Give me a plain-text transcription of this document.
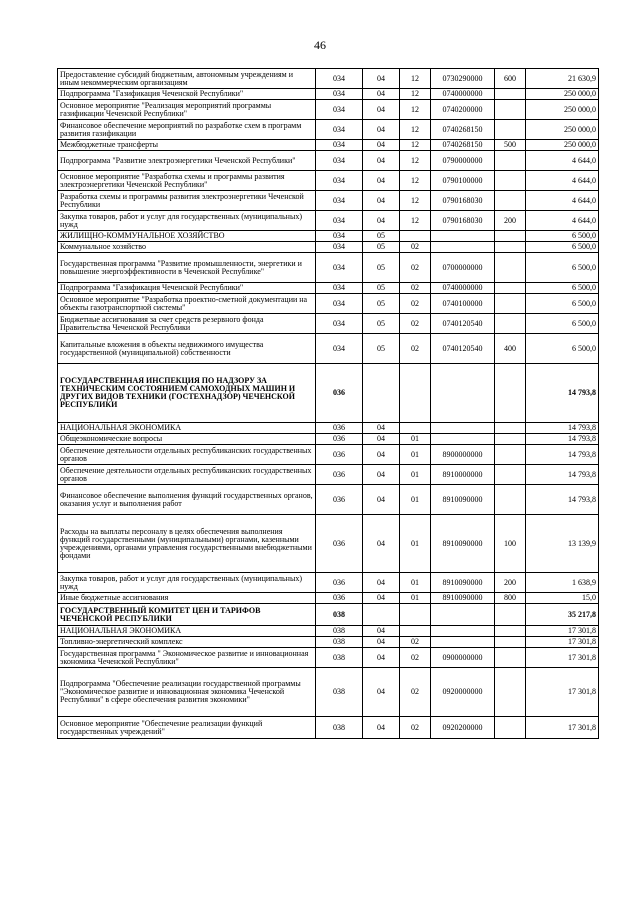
46
Предоставление субсидий бюджетным, автономным учреждениям и иным некоммерческим организациям	034	04	12	0730290000	600	21 630,9
Подпрограмма "Газификация Чеченской Республики"	034	04	12	0740000000		250 000,0
Основное мероприятие "Реализация мероприятий программы газификации Чеченской Республики"	034	04	12	0740200000		250 000,0
Финансовое обеспечение мероприятий по разработке схем в программ развития газификации	034	04	12	0740268150		250 000,0
Межбюджетные трансферты	034	04	12	0740268150	500	250 000,0
Подпрограмма "Развитие электроэнергетики Чеченской Республики"	034	04	12	0790000000		4 644,0
Основное мероприятие "Разработка схемы и программы развития электроэнергетики Чеченской Республики"	034	04	12	0790100000		4 644,0
Разработка схемы и программы развития электроэнергетики Чеченской Республики	034	04	12	0790168030		4 644,0
Закупка товаров, работ и услуг для государственных (муниципальных) нужд	034	04	12	0790168030	200	4 644,0
ЖИЛИЩНО-КОММУНАЛЬНОЕ ХОЗЯЙСТВО	034	05				6 500,0
Коммунальное хозяйство	034	05	02			6 500,0
Государственная программа "Развитие промышленности, энергетики и повышение энергоэффективности в Чеченской Республике"	034	05	02	0700000000		6 500,0
Подпрограмма "Газификация Чеченской Республики"	034	05	02	0740000000		6 500,0
Основное мероприятие "Разработка проектно-сметной документации на объекты газотранспортной системы"	034	05	02	0740100000		6 500,0
Бюджетные ассигнования за счет средств резервного фонда Правительства Чеченской Республики	034	05	02	0740120540		6 500,0
Капитальные вложения в объекты недвижимого имущества государственной (муниципальной) собственности	034	05	02	0740120540	400	6 500,0
ГОСУДАРСТВЕННАЯ ИНСПЕКЦИЯ ПО НАДЗОРУ ЗА ТЕХНИЧЕСКИМ СОСТОЯНИЕМ САМОХОДНЫХ МАШИН И ДРУГИХ ВИДОВ ТЕХНИКИ (ГОСТЕХНАДЗОР) ЧЕЧЕНСКОЙ РЕСПУБЛИКИ	036					14 793,8
НАЦИОНАЛЬНАЯ ЭКОНОМИКА	036	04				14 793,8
Общеэкономические вопросы	036	04	01			14 793,8
Обеспечение деятельности отдельных республиканских государственных органов	036	04	01	8900000000		14 793,8
Обеспечение деятельности отдельных республиканских государственных органов	036	04	01	8910000000		14 793,8
Финансовое обеспечение выполнения функций государственных органов, оказания услуг и выполнения работ	036	04	01	8910090000		14 793,8
Расходы на выплаты персоналу в целях обеспечения выполнения функций государственными (муниципальными) органами, казенными учреждениями, органами управления государственными внебюджетными фондами	036	04	01	8910090000	100	13 139,9
Закупка товаров, работ и услуг для государственных (муниципальных) нужд	036	04	01	8910090000	200	1 638,9
Иные бюджетные ассигнования	036	04	01	8910090000	800	15,0
ГОСУДАРСТВЕННЫЙ КОМИТЕТ ЦЕН И ТАРИФОВ ЧЕЧЕНСКОЙ РЕСПУБЛИКИ	038					35 217,8
НАЦИОНАЛЬНАЯ ЭКОНОМИКА	038	04				17 301,8
Топливно-энергетический комплекс	038	04	02			17 301,8
Государственная программа " Экономическое развитие и инновационная экономика Чеченской Республики"	038	04	02	0900000000		17 301,8
Подпрограмма "Обеспечение реализации государственной программы "Экономическое развитие и инновационная экономика Чеченской Республики" в сфере обеспечения развития экономики"	038	04	02	0920000000		17 301,8
Основное мероприятие "Обеспечение реализации функций государственных учреждений"	038	04	02	0920200000		17 301,8
